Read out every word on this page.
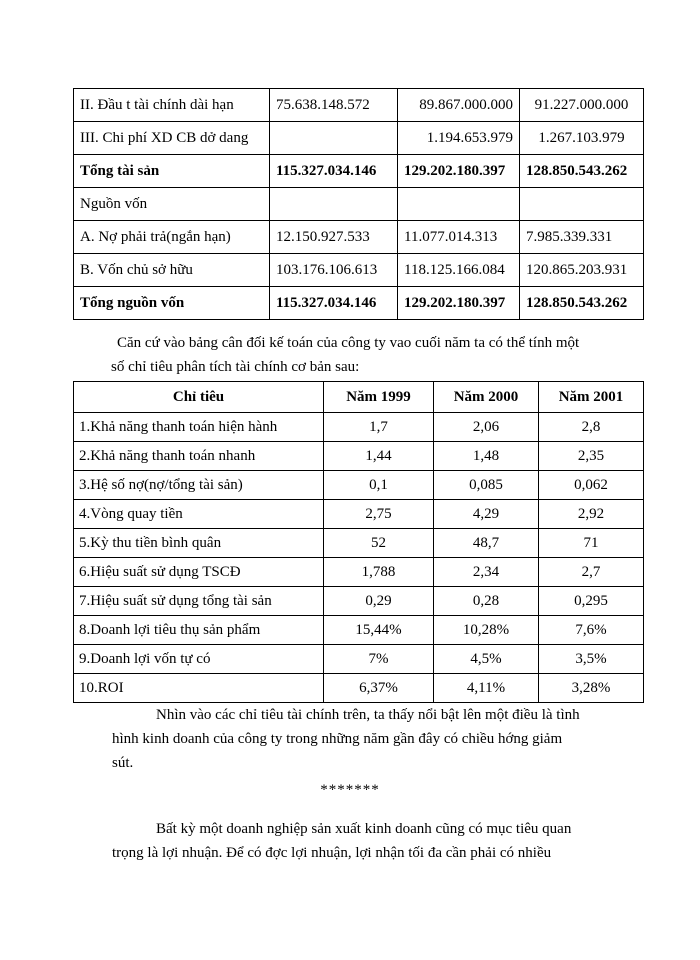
II. Đầu t tài chính dài hạn	75.638.148.572	89.867.000.000	91.227.000.000
III. Chi phí XD CB dở dang		1.194.653.979	1.267.103.979
Tổng tài sản	115.327.034.146	129.202.180.397	128.850.543.262
Nguồn vốn			
A. Nợ phải trả(ngắn hạn)	12.150.927.533	11.077.014.313	7.985.339.331
B. Vốn chủ sở hữu	103.176.106.613	118.125.166.084	120.865.203.931
Tổng nguồn vốn	115.327.034.146	129.202.180.397	128.850.543.262

Căn cứ vào bảng cân đối kế toán của công ty vao cuối năm ta có thể tính một
số chỉ tiêu phân tích tài chính cơ bản sau:

Chỉ tiêu	Năm 1999	Năm 2000	Năm 2001
1.Khả năng thanh toán hiện hành	1,7	2,06	2,8
2.Khả năng thanh toán nhanh	1,44	1,48	2,35
3.Hệ số nợ(nợ/tổng tài sản)	0,1	0,085	0,062
4.Vòng quay tiền	2,75	4,29	2,92
5.Kỳ thu tiền bình quân	52	48,7	71
6.Hiệu suất sử dụng TSCĐ	1,788	2,34	2,7
7.Hiệu suất sử dụng tổng tài sản	0,29	0,28	0,295
8.Doanh lợi tiêu thụ sản phẩm	15,44%	10,28%	7,6%
9.Doanh lợi vốn tự có	7%	4,5%	3,5%
10.ROI	6,37%	4,11%	3,28%

Nhìn vào các chỉ tiêu tài chính trên, ta thấy nổi bật lên một điều là tình
hình kinh doanh của công ty trong những năm gần đây có chiều hớng giảm
sút.

*******

Bất kỳ một doanh nghiệp sản xuất kinh doanh cũng có mục tiêu quan
trọng là lợi nhuận. Để có đợc lợi nhuận, lợi nhận tối đa cần phải có nhiều
